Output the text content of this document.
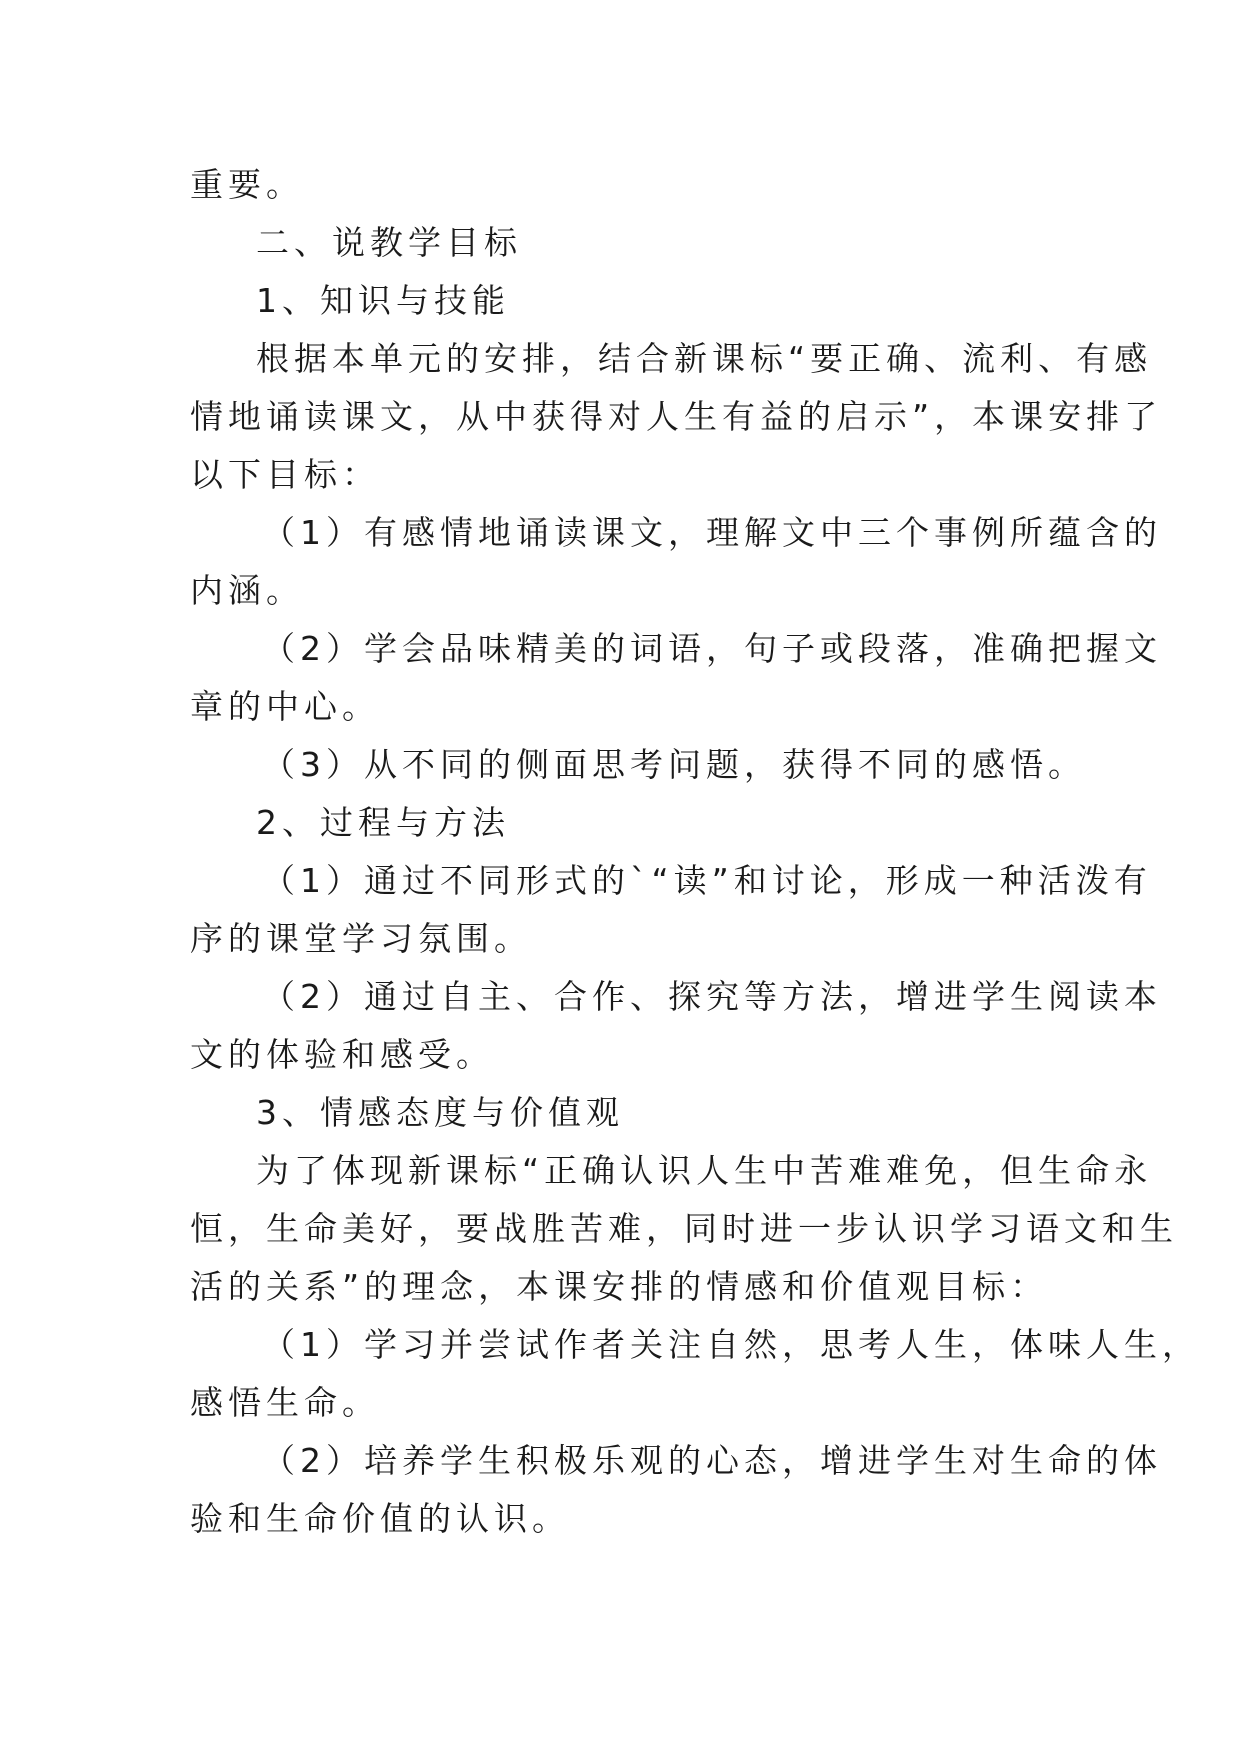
重要。
二、说教学目标
1、知识与技能
根据本单元的安排，结合新课标“要正确、流利、有感
情地诵读课文，从中获得对人生有益的启示”，本课安排了
以下目标：
（1）有感情地诵读课文，理解文中三个事例所蕴含的
内涵。
（2）学会品味精美的词语，句子或段落，准确把握文
章的中心。
（3）从不同的侧面思考问题，获得不同的感悟。
2、过程与方法
（1）通过不同形式的`“读”和讨论，形成一种活泼有
序的课堂学习氛围。
（2）通过自主、合作、探究等方法，增进学生阅读本
文的体验和感受。
3、情感态度与价值观
为了体现新课标“正确认识人生中苦难难免，但生命永
恒，生命美好，要战胜苦难，同时进一步认识学习语文和生
活的关系”的理念，本课安排的情感和价值观目标：
（1）学习并尝试作者关注自然，思考人生，体味人生，
感悟生命。
（2）培养学生积极乐观的心态，增进学生对生命的体
验和生命价值的认识。
